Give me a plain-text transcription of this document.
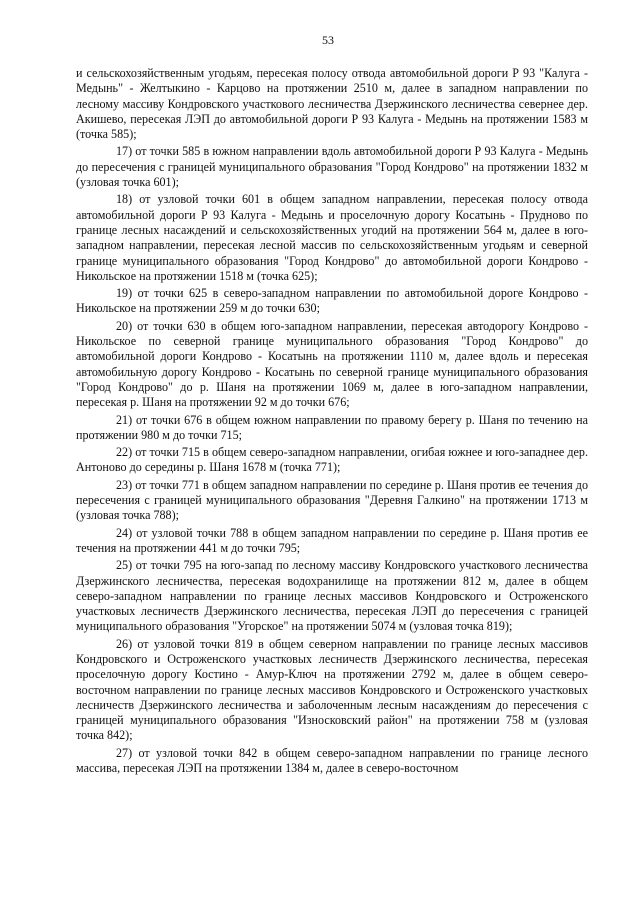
53

и сельскохозяйственным угодьям, пересекая полосу отвода автомобильной дороги Р 93 "Калуга - Медынь" - Желтыкино - Карцово на протяжении 2510 м, далее в западном направлении по лесному массиву Кондровского участкового лесничества Дзержинского лесничества севернее дер. Акишево, пересекая ЛЭП до автомобильной дороги Р 93 Калуга - Медынь на протяжении 1583 м (точка 585);

17) от точки 585 в южном направлении вдоль автомобильной дороги Р 93 Калуга - Медынь до пересечения с границей муниципального образования "Город Кондрово" на протяжении 1832 м (узловая точка 601);

18) от узловой точки 601 в общем западном направлении, пересекая полосу отвода автомобильной дороги Р 93 Калуга - Медынь и проселочную дорогу Косатынь - Прудново по границе лесных насаждений и сельскохозяйственных угодий на протяжении 564 м, далее в юго-западном направлении, пересекая лесной массив по сельскохозяйственным угодьям и северной границе муниципального образования "Город Кондрово" до автомобильной дороги Кондрово - Никольское на протяжении 1518 м (точка 625);

19) от точки 625 в северо-западном направлении по автомобильной дороге Кондрово - Никольское на протяжении 259 м до точки 630;

20) от точки 630 в общем юго-западном направлении, пересекая автодорогу Кондрово - Никольское по северной границе муниципального образования "Город Кондрово" до автомобильной дороги Кондрово - Косатынь на протяжении 1110 м, далее вдоль и пересекая автомобильную дорогу Кондрово - Косатынь по северной границе муниципального образования "Город Кондрово" до р. Шаня на протяжении 1069 м, далее в юго-западном направлении, пересекая р. Шаня на протяжении 92 м до точки 676;

21) от точки 676 в общем южном направлении по правому берегу р. Шаня по течению на протяжении 980 м до точки 715;

22) от точки 715 в общем северо-западном направлении, огибая южнее и юго-западнее дер. Антоново до середины р. Шаня 1678 м (точка 771);

23) от точки 771 в общем западном направлении по середине р. Шаня против ее течения до пересечения с границей муниципального образования "Деревня Галкино" на протяжении 1713 м (узловая точка 788);

24) от узловой точки 788 в общем западном направлении по середине р. Шаня против ее течения на протяжении 441 м до точки 795;

25) от точки 795 на юго-запад по лесному массиву Кондровского участкового лесничества Дзержинского лесничества, пересекая водохранилище на протяжении 812 м, далее в общем северо-западном направлении по границе лесных массивов Кондровского и Остроженского участковых лесничеств Дзержинского лесничества, пересекая ЛЭП до пересечения с границей муниципального образования "Угорское" на протяжении 5074 м (узловая точка 819);

26) от узловой точки 819 в общем северном направлении по границе лесных массивов Кондровского и Остроженского участковых лесничеств Дзержинского лесничества, пересекая проселочную дорогу Костино - Амур-Ключ на протяжении 2792 м, далее в общем северо-восточном направлении по границе лесных массивов Кондровского и Остроженского участковых лесничеств Дзержинского лесничества и заболоченным лесным насаждениям до пересечения с границей муниципального образования "Износковский район" на протяжении 758 м (узловая точка 842);

27) от узловой точки 842 в общем северо-западном направлении по границе лесного массива, пересекая ЛЭП на протяжении 1384 м, далее в северо-восточном
